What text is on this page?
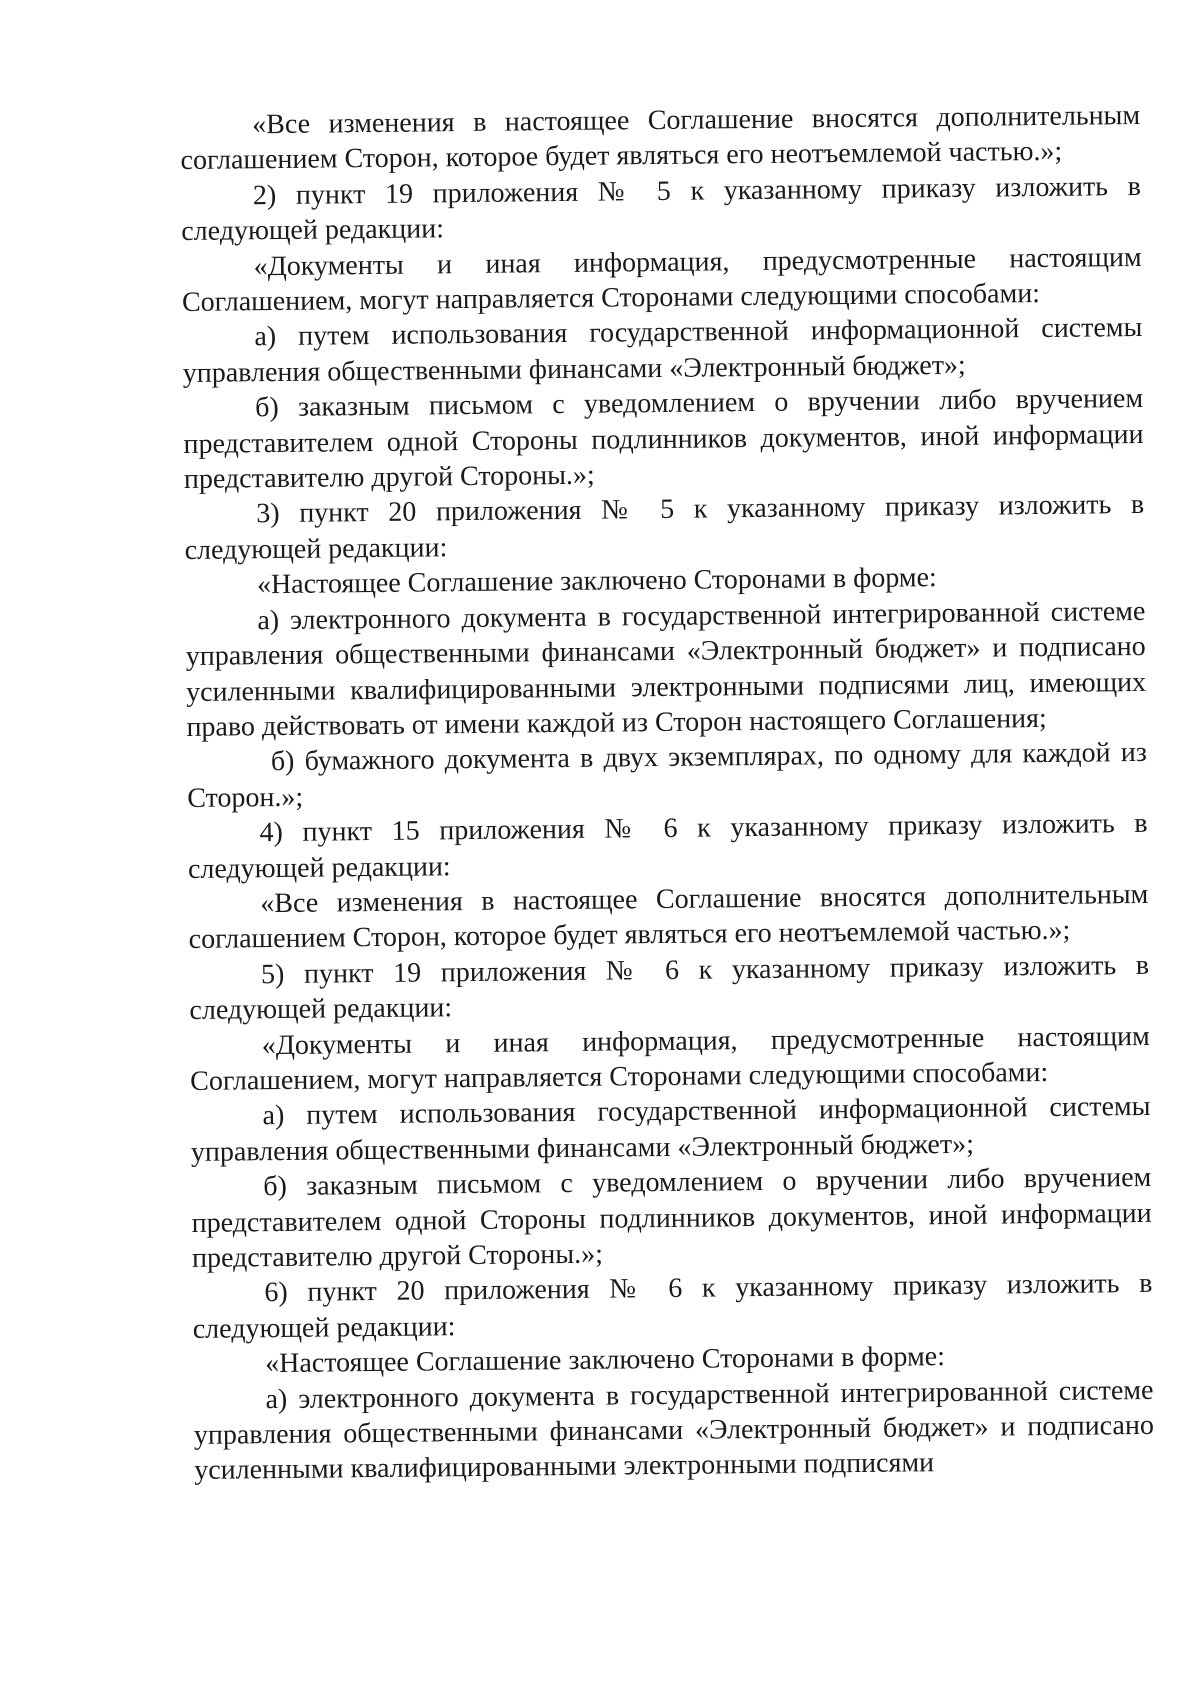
«Все изменения в настоящее Соглашение вносятся дополнительным соглашением Сторон, которое будет являться его неотъемлемой частью.»;

2) пункт 19 приложения № 5 к указанному приказу изложить в следующей редакции:

«Документы и иная информация, предусмотренные настоящим Соглашением, могут направляется Сторонами следующими способами:

а) путем использования государственной информационной системы управления общественными финансами «Электронный бюджет»;

б) заказным письмом с уведомлением о вручении либо вручением представителем одной Стороны подлинников документов, иной информации представителю другой Стороны.»;

3) пункт 20 приложения № 5 к указанному приказу изложить в следующей редакции:

«Настоящее Соглашение заключено Сторонами в форме:

а) электронного документа в государственной интегрированной системе управления общественными финансами «Электронный бюджет» и подписано усиленными квалифицированными электронными подписями лиц, имеющих право действовать от имени каждой из Сторон настоящего Соглашения;

б) бумажного документа в двух экземплярах, по одному для каждой из Сторон.»;

4) пункт 15 приложения № 6 к указанному приказу изложить в следующей редакции:

«Все изменения в настоящее Соглашение вносятся дополнительным соглашением Сторон, которое будет являться его неотъемлемой частью.»;

5) пункт 19 приложения № 6 к указанному приказу изложить в следующей редакции:

«Документы и иная информация, предусмотренные настоящим Соглашением, могут направляется Сторонами следующими способами:

а) путем использования государственной информационной системы управления общественными финансами «Электронный бюджет»;

б) заказным письмом с уведомлением о вручении либо вручением представителем одной Стороны подлинников документов, иной информации представителю другой Стороны.»;

6) пункт 20 приложения № 6 к указанному приказу изложить в следующей редакции:

«Настоящее Соглашение заключено Сторонами в форме:

а) электронного документа в государственной интегрированной системе управления общественными финансами «Электронный бюджет» и подписано усиленными квалифицированными электронными подписями
